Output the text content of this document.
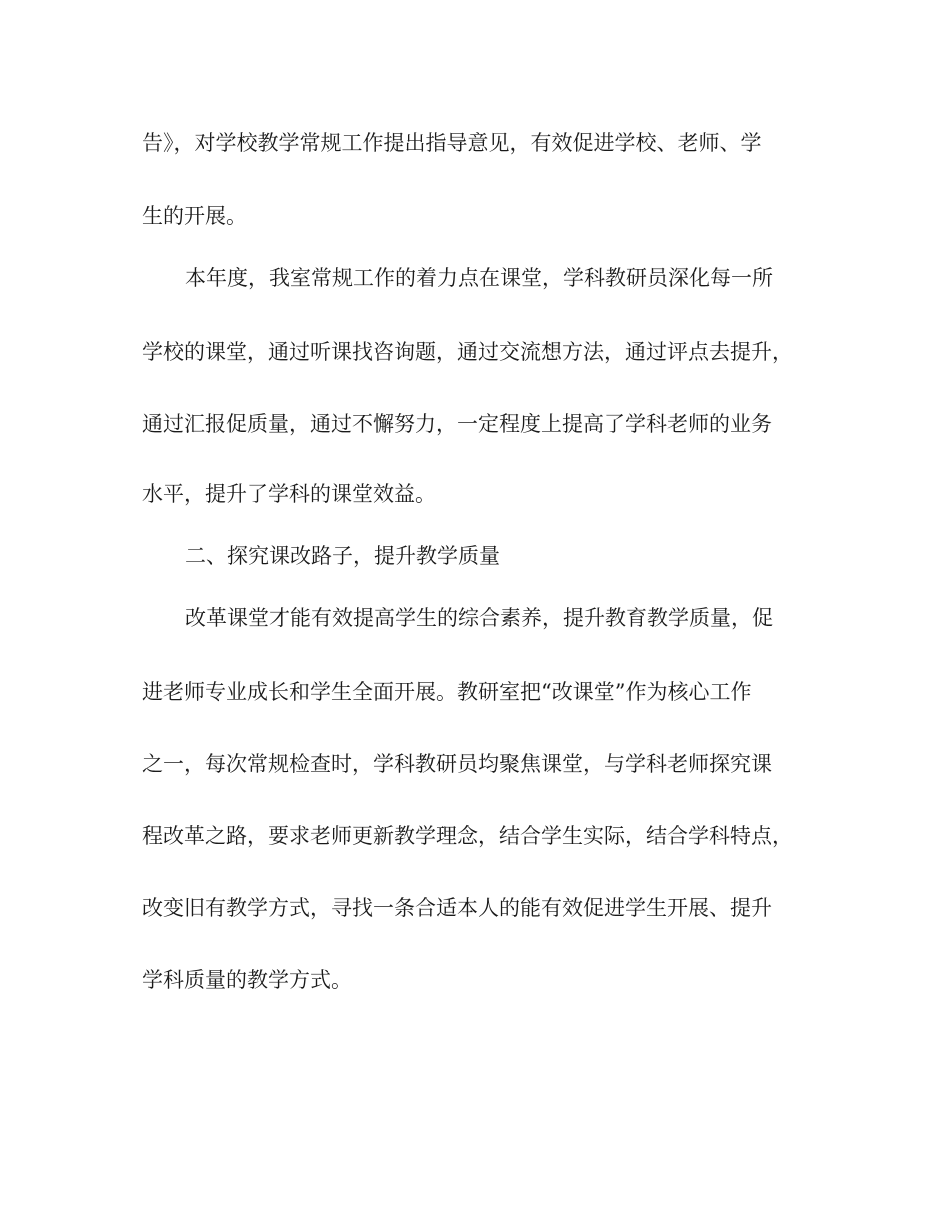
告》，对学校教学常规工作提出指导意见，有效促进学校、老师、学

生的开展。

本年度，我室常规工作的着力点在课堂，学科教研员深化每一所

学校的课堂，通过听课找咨询题，通过交流想方法，通过评点去提升，

通过汇报促质量，通过不懈努力，一定程度上提高了学科老师的业务

水平，提升了学科的课堂效益。

二、探究课改路子，提升教学质量

改革课堂才能有效提高学生的综合素养，提升教育教学质量，促

进老师专业成长和学生全面开展。教研室把“改课堂”作为核心工作

之一，每次常规检查时，学科教研员均聚焦课堂，与学科老师探究课

程改革之路，要求老师更新教学理念，结合学生实际，结合学科特点，

改变旧有教学方式，寻找一条合适本人的能有效促进学生开展、提升

学科质量的教学方式。
